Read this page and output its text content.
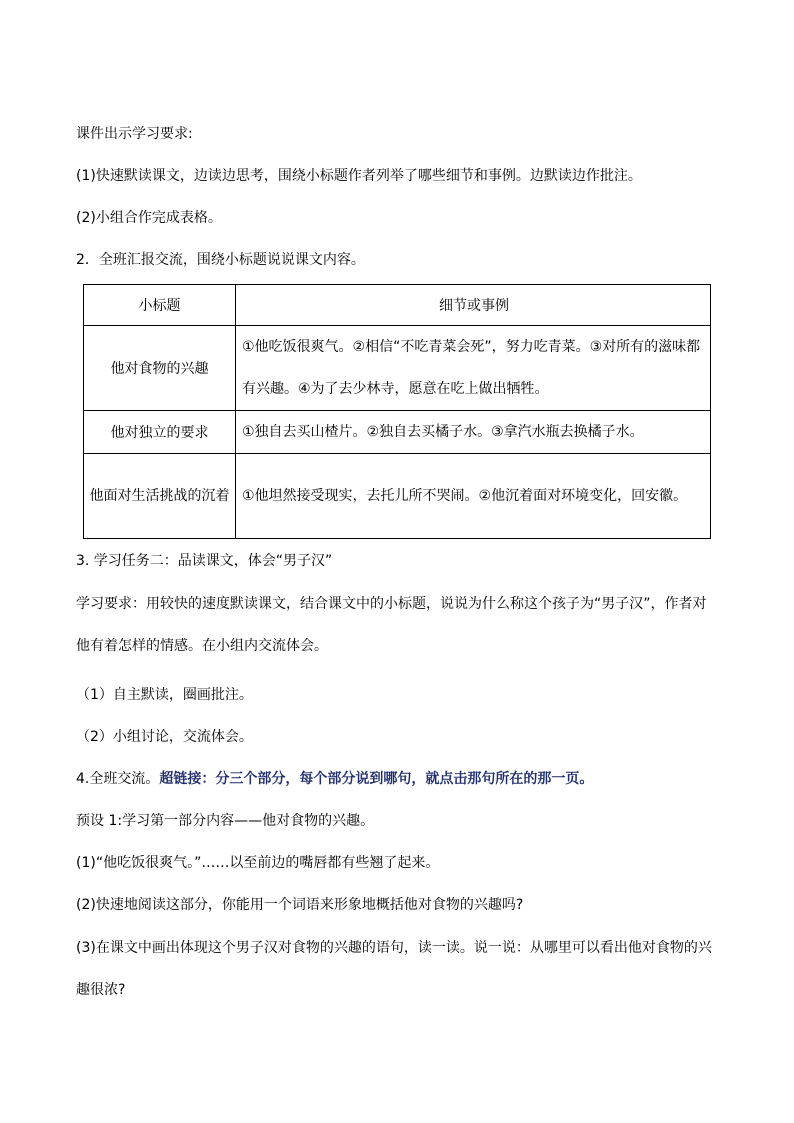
课件出示学习要求:

(1)快速默读课文，边读边思考，围绕小标题作者列举了哪些细节和事例。边默读边作批注。

(2)小组合作完成表格。

2．全班汇报交流，围绕小标题说说课文内容。

小标题	细节或事例
他对食物的兴趣	①他吃饭很爽气。②相信“不吃青菜会死”，努力吃青菜。③对所有的滋味都有兴趣。④为了去少林寺，愿意在吃上做出牺牲。
他对独立的要求	①独自去买山楂片。②独自去买橘子水。③拿汽水瓶去换橘子水。
他面对生活挑战的沉着	①他坦然接受现实，去托儿所不哭闹。②他沉着面对环境变化，回安徽。

3. 学习任务二：品读课文，体会“男子汉”

学习要求：用较快的速度默读课文，结合课文中的小标题，说说为什么称这个孩子为“男子汉”，作者对他有着怎样的情感。在小组内交流体会。

（1）自主默读，圈画批注。

（2）小组讨论，交流体会。

4.全班交流。超链接：分三个部分，每个部分说到哪句，就点击那句所在的那一页。

预设 1:学习第一部分内容——他对食物的兴趣。

(1)“他吃饭很爽气。”……以至前边的嘴唇都有些翘了起来。

(2)快速地阅读这部分，你能用一个词语来形象地概括他对食物的兴趣吗?

(3)在课文中画出体现这个男子汉对食物的兴趣的语句，读一读。说一说：从哪里可以看出他对食物的兴趣很浓?
